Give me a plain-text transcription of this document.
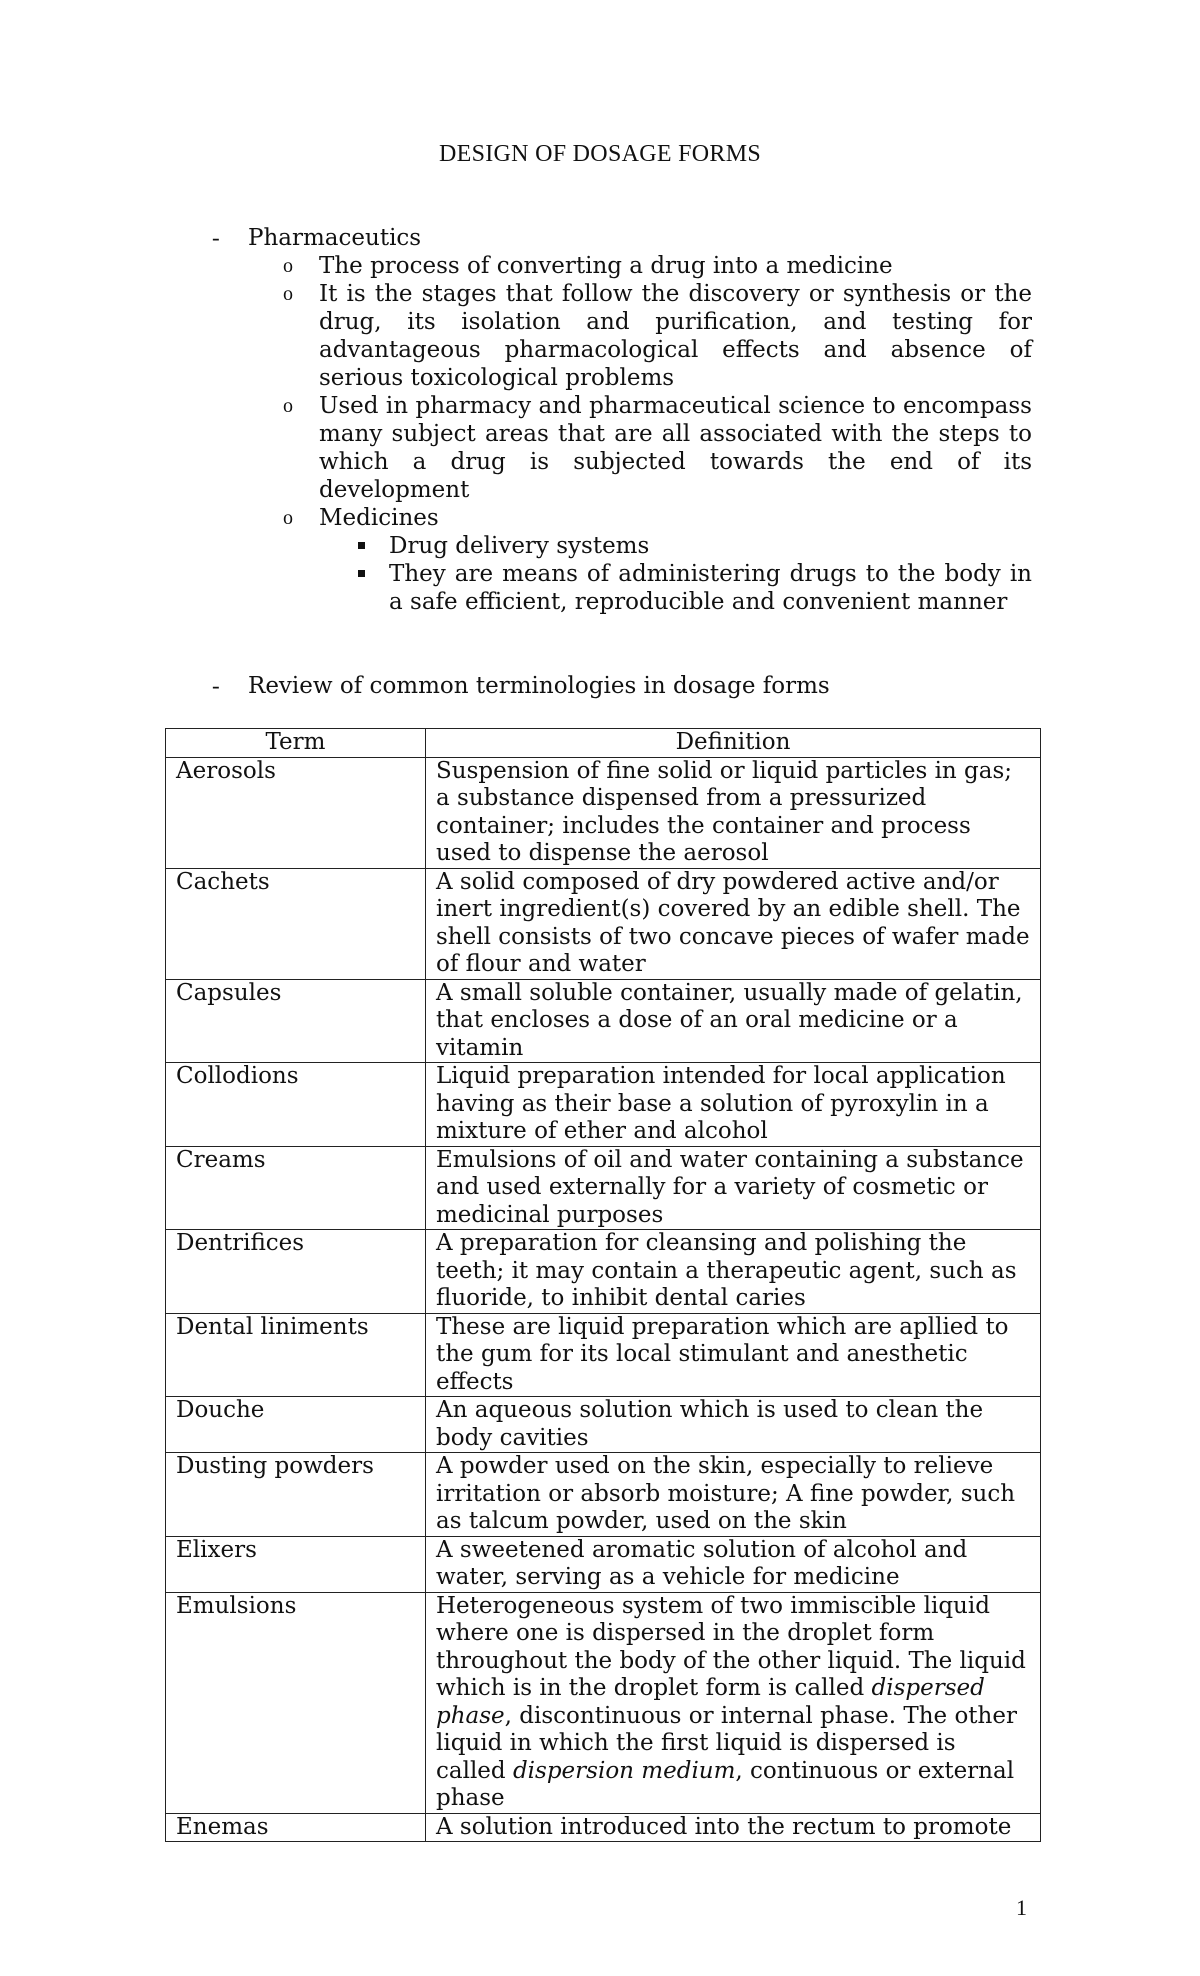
DESIGN OF DOSAGE FORMS
-	Pharmaceutics
o	The process of converting a drug into a medicine
o	It is the stages that follow the discovery or synthesis or the drug, its isolation and purification, and testing for advantageous pharmacological effects and absence of serious toxicological problems
o	Used in pharmacy and pharmaceutical science to encompass many subject areas that are all associated with the steps to which a drug is subjected towards the end of its development
o	Medicines
Drug delivery systems
They are means of administering drugs to the body in a safe efficient, reproducible and convenient manner
-	Review of common terminologies in dosage forms
Term	Definition
Aerosols	Suspension of fine solid or liquid particles in gas; a substance dispensed from a pressurized container; includes the container and process used to dispense the aerosol
Cachets	A solid composed of dry powdered active and/or inert ingredient(s) covered by an edible shell. The shell consists of two concave pieces of wafer made of flour and water
Capsules	A small soluble container, usually made of gelatin, that encloses a dose of an oral medicine or a vitamin
Collodions	Liquid preparation intended for local application having as their base a solution of pyroxylin in a mixture of ether and alcohol
Creams	Emulsions of oil and water containing a substance and used externally for a variety of cosmetic or medicinal purposes
Dentrifices	A preparation for cleansing and polishing the teeth; it may contain a therapeutic agent, such as fluoride, to inhibit dental caries
Dental liniments	These are liquid preparation which are apllied to the gum for its local stimulant and anesthetic effects
Douche	An aqueous solution which is used to clean the body cavities
Dusting powders	A powder used on the skin, especially to relieve irritation or absorb moisture; A fine powder, such as talcum powder, used on the skin
Elixers	A sweetened aromatic solution of alcohol and water, serving as a vehicle for medicine
Emulsions	Heterogeneous system of two immiscible liquid where one is dispersed in the droplet form throughout the body of the other liquid. The liquid which is in the droplet form is called dispersed phase, discontinuous or internal phase. The other liquid in which the first liquid is dispersed is called dispersion medium, continuous or external phase
Enemas	A solution introduced into the rectum to promote
1
